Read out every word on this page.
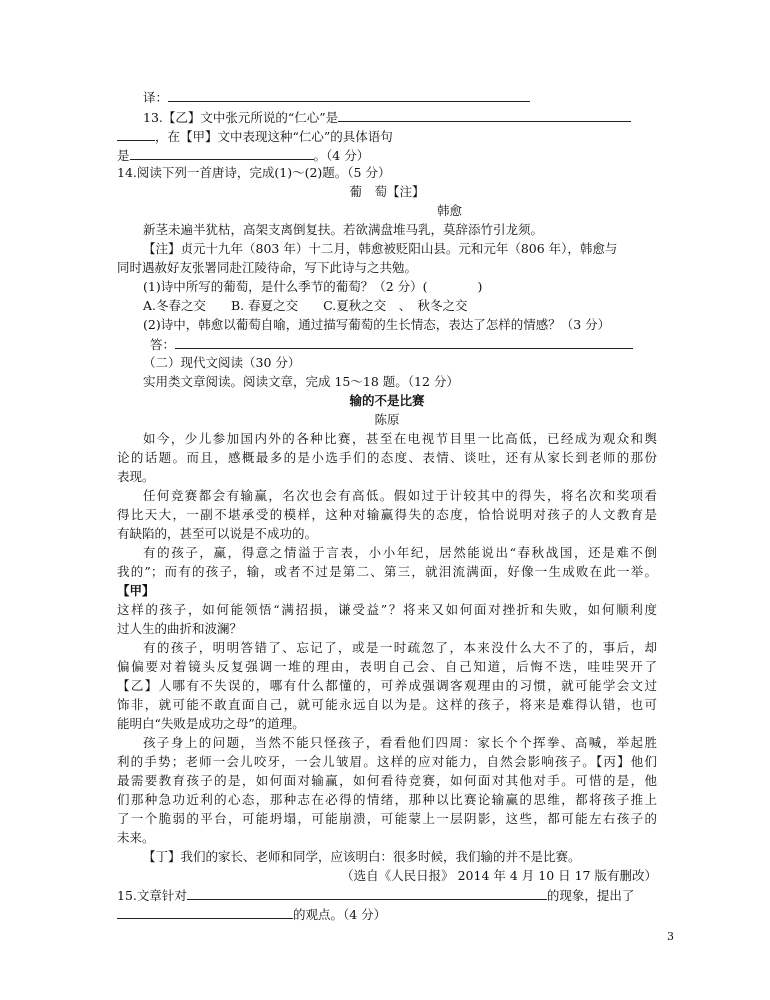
译：
13.【乙】文中张元所说的“仁心”是
，在【甲】文中表现这种“仁心”的具体语句
是	。（4 分）
14.阅读下列一首唐诗，完成(1)～(2)题。（5 分）
葡　萄【注】
韩愈
新茎未遍半犹枯，高架支离倒复扶。若欲满盘堆马乳，莫辞添竹引龙须。
【注】贞元十九年（803 年）十二月，韩愈被贬阳山县。元和元年（806 年），韩愈与
同时遇赦好友张署同赴江陵待命，写下此诗与之共勉。
(1)诗中所写的葡萄，是什么季节的葡萄？（2 分）(　　　　)
A.冬春之交　　B. 春夏之交　　C.夏秋之交　、　秋冬之交
(2)诗中，韩愈以葡萄自喻，通过描写葡萄的生长情态，表达了怎样的情感？（3 分）
答：
（二）现代文阅读（30 分）
实用类文章阅读。阅读文章，完成 15～18 题。（12 分）
输的不是比赛
陈原
如今，少儿参加国内外的各种比赛，甚至在电视节目里一比高低，已经成为观众和舆
论的话题。而且，感概最多的是小选手们的态度、表情、谈吐，还有从家长到老师的那份
表现。
任何竞赛都会有输赢，名次也会有高低。假如过于计较其中的得失，将名次和奖项看
得比天大，一副不堪承受的模样，这种对输赢得失的态度，恰恰说明对孩子的人文教育是
有缺陷的，甚至可以说是不成功的。
有的孩子，赢，得意之情溢于言表，小小年纪，居然能说出“春秋战国，还是难不倒
我的”；而有的孩子，输，或者不过是第二、第三，就泪流满面，好像一生成败在此一举。
【甲】
这样的孩子，如何能领悟“满招损，谦受益”？将来又如何面对挫折和失败，如何顺利度
过人生的曲折和波澜？
有的孩子，明明答错了、忘记了，或是一时疏忽了，本来没什么大不了的，事后，却
偏偏要对着镜头反复强调一堆的理由，表明自己会、自己知道，后悔不迭，哇哇哭开了
【乙】人哪有不失误的，哪有什么都懂的，可养成强调客观理由的习惯，就可能学会文过
饰非，就可能不敢直面自己，就可能永远自以为是。这样的孩子，将来是难得认错，也可
能明白“失败是成功之母”的道理。
孩子身上的问题，当然不能只怪孩子，看看他们四周：家长个个挥拳、高喊，举起胜
利的手势；老师一会儿咬牙，一会儿皱眉。这样的应对能力，自然会影响孩子。【丙】他们
最需要教育孩子的是，如何面对输赢，如何看待竞赛，如何面对其他对手。可惜的是，他
们那种急功近利的心态，那种志在必得的情绪，那种以比赛论输赢的思维，都将孩子推上
了一个脆弱的平台，可能坍塌，可能崩溃，可能蒙上一层阴影，这些，都可能左右孩子的
未来。
【丁】我们的家长、老师和同学，应该明白：很多时候，我们输的并不是比赛。
（选自《人民日报》 2014 年 4 月 10 日 17 版有删改）
15.文章针对	的现象，提出了
的观点。（4 分）
3
